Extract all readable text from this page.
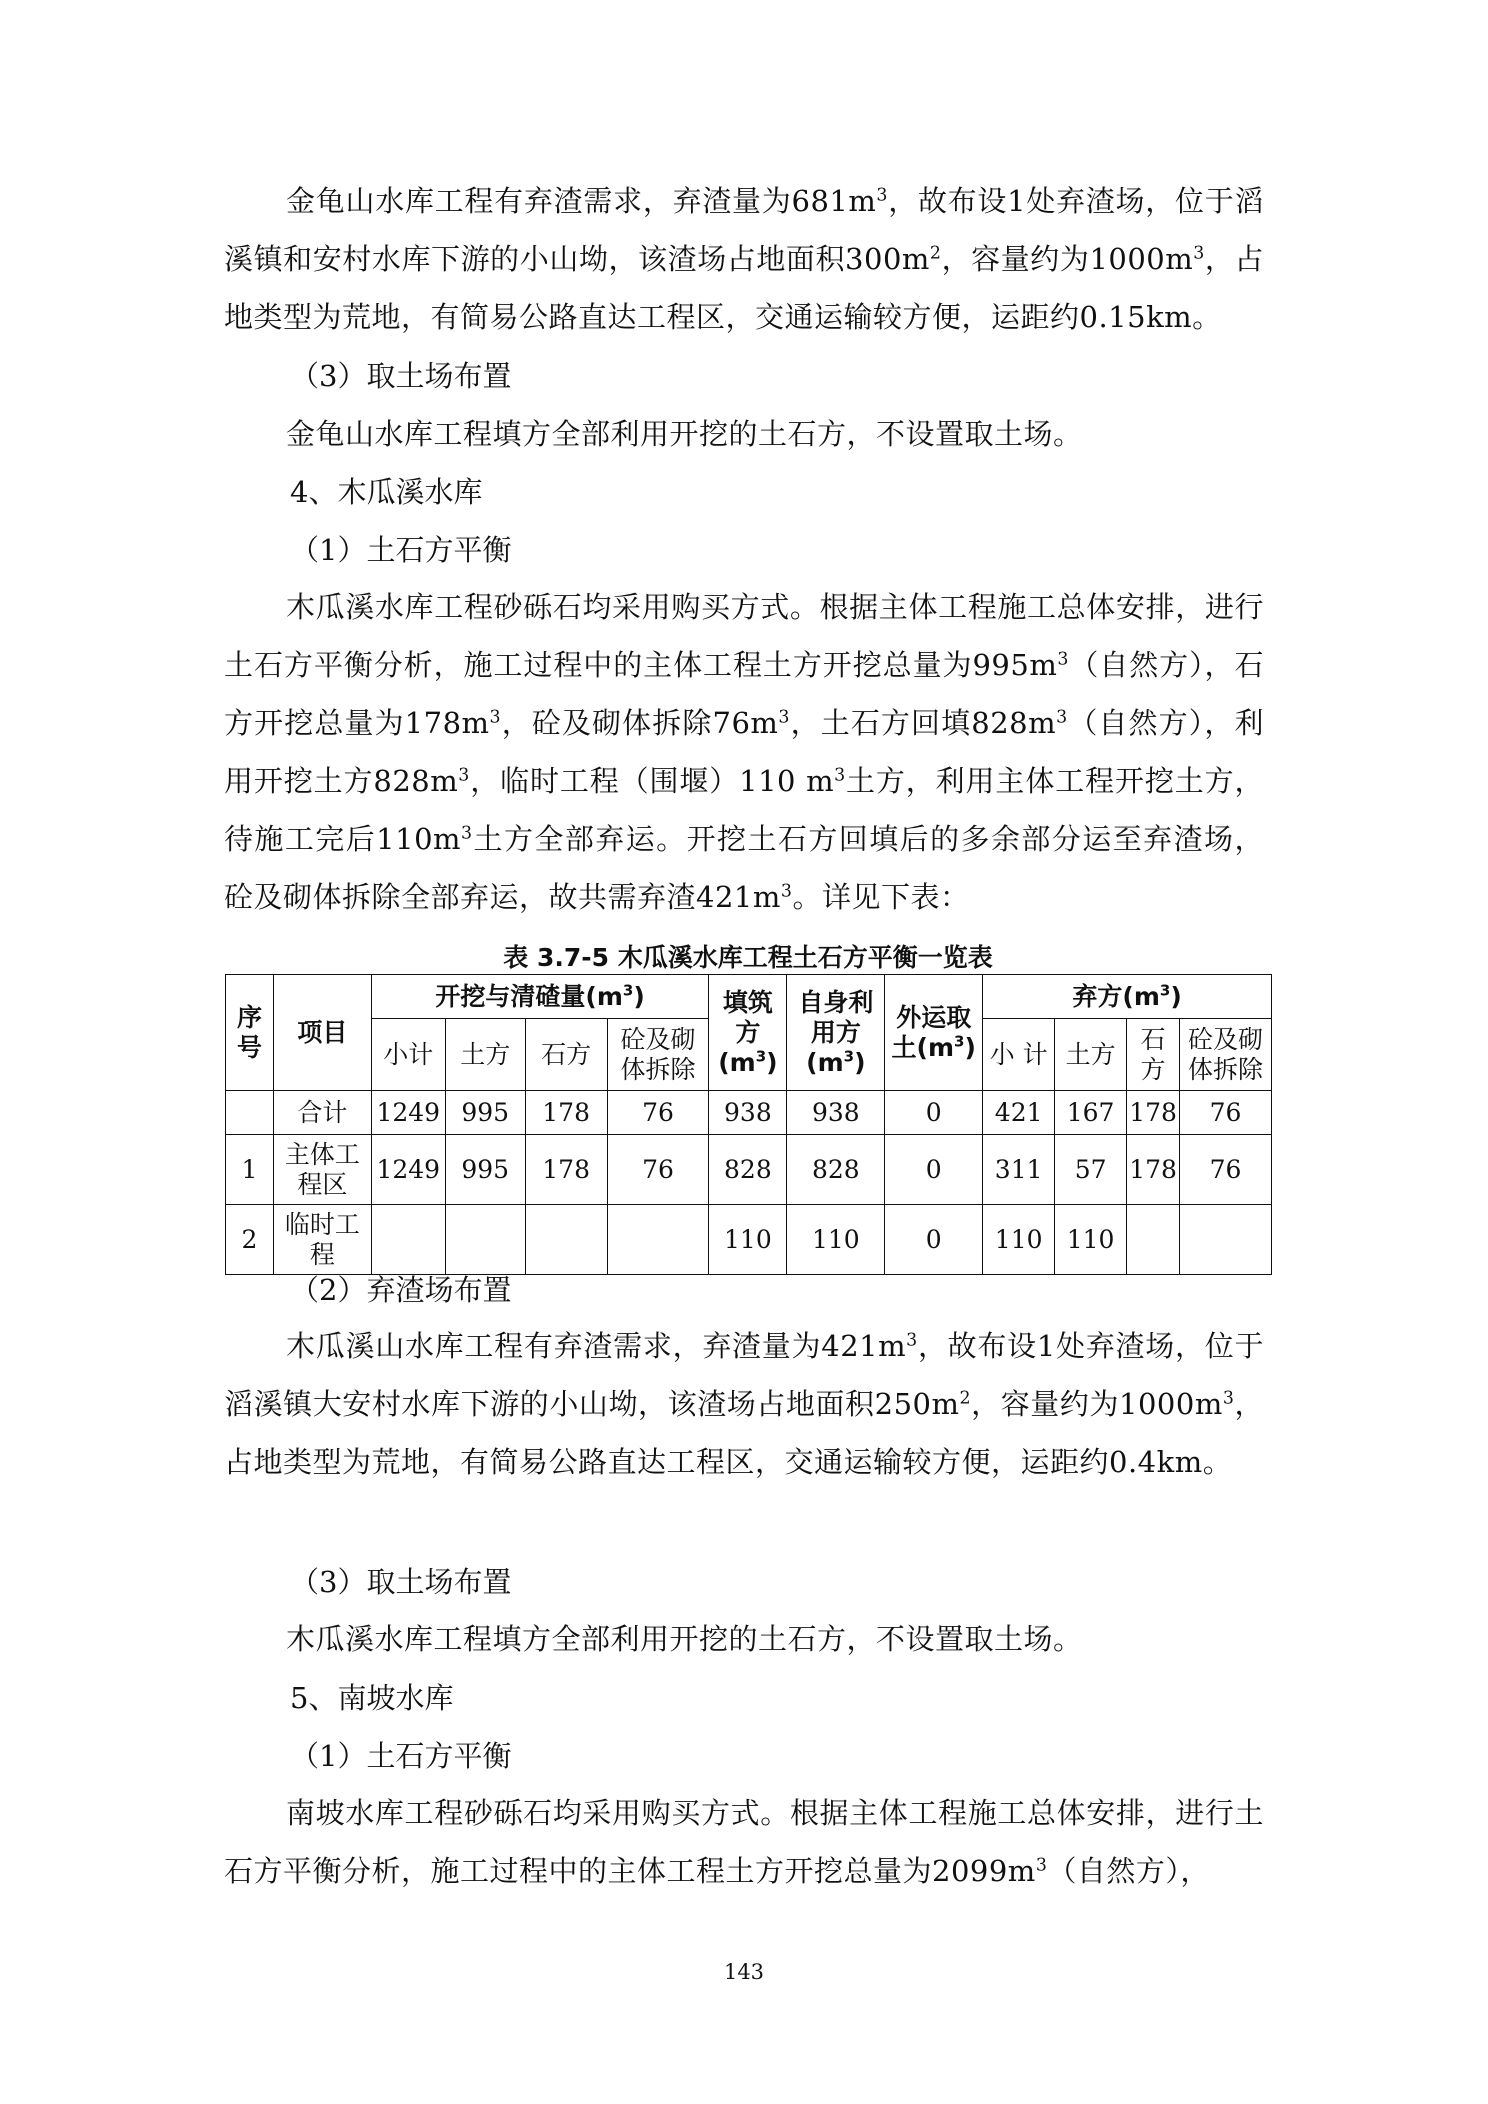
金龟山水库工程有弃渣需求，弃渣量为$681m^3$，故布设1处弃渣场，位于滔溪镇和安村水库下游的小山坳，该渣场占地面积$300m^2$，容量约为$1000m^3$，占地类型为荒地，有简易公路直达工程区，交通运输较方便，运距约0.15km。

（3）取土场布置

金龟山水库工程填方全部利用开挖的土石方，不设置取土场。

4、木瓜溪水库
（1）土石方平衡

木瓜溪水库工程砂砾石均采用购买方式。根据主体工程施工总体安排，进行土石方平衡分析，施工过程中的主体工程土方开挖总量为$995m^3$（自然方），石方开挖总量为$178m^3$，砼及砌体拆除$76m^3$，土石方回填$828m^3$（自然方），利用开挖土方$828m^3$，临时工程（围堰）110 $m^3$土方，利用主体工程开挖土方，待施工完后$110m^3$土方全部弃运。开挖土石方回填后的多余部分运至弃渣场，砼及砌体拆除全部弃运，故共需弃渣$421m^3$。详见下表：

表 3.7-5 木瓜溪水库工程土石方平衡一览表
序号	项目	开挖与清碴量$(m^3)$				填筑方$(m^3)$	自身利用方$(m^3)$	外运取土$(m^3)$	弃方$(m^3)$			
		小计	土方	石方	砼及砌体拆除				小 计	土方	石方	砼及砌体拆除
	合计	1249	995	178	76	938	938	0	421	167	178	76
1	主体工程区	1249	995	178	76	828	828	0	311	57	178	76
2	临时工程					110	110	0	110	110		
（2）弃渣场布置

木瓜溪山水库工程有弃渣需求，弃渣量为$421m^3$，故布设1处弃渣场，位于滔溪镇大安村水库下游的小山坳，该渣场占地面积$250m^2$，容量约为$1000m^3$，占地类型为荒地，有简易公路直达工程区，交通运输较方便，运距约0.4km。

（3）取土场布置

木瓜溪水库工程填方全部利用开挖的土石方，不设置取土场。

5、南坡水库
（1）土石方平衡

南坡水库工程砂砾石均采用购买方式。根据主体工程施工总体安排，进行土石方平衡分析，施工过程中的主体工程土方开挖总量为$2099m^3$（自然方），

143
